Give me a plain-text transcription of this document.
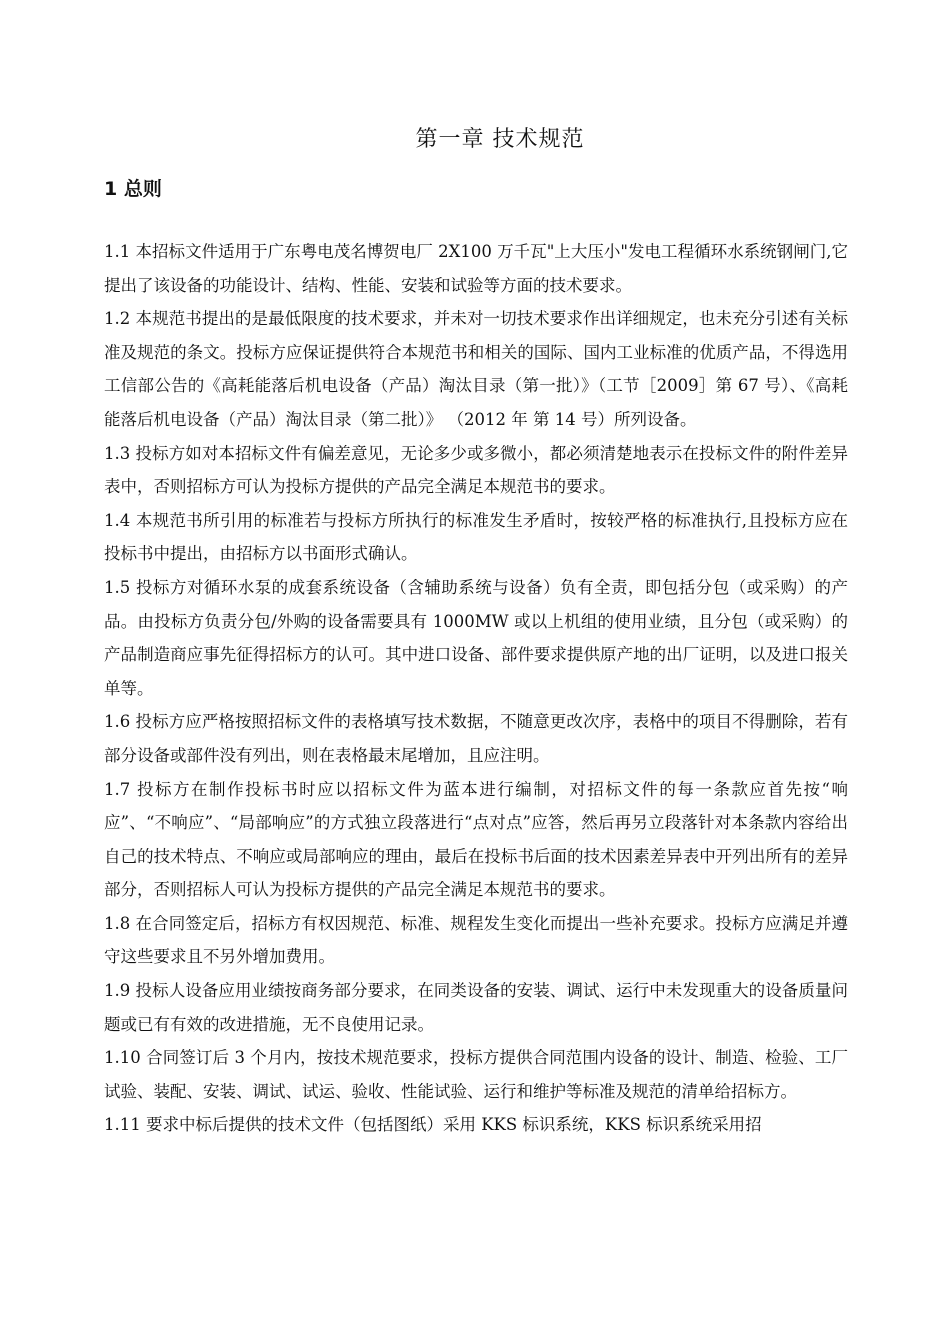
第一章 技术规范
1 总则

1.1 本招标文件适用于广东粤电茂名博贺电厂 2X100 万千瓦"上大压小"发电工程循环水系统钢闸门,它提出了该设备的功能设计、结构、性能、安装和试验等方面的技术要求。

1.2 本规范书提出的是最低限度的技术要求，并未对一切技术要求作出详细规定，也未充分引述有关标准及规范的条文。投标方应保证提供符合本规范书和相关的国际、国内工业标准的优质产品，不得选用工信部公告的《高耗能落后机电设备（产品）淘汰目录（第一批）》（工节［2009］第 67 号）、《高耗能落后机电设备（产品）淘汰目录（第二批）》 （2012 年 第 14 号）所列设备。

1.3 投标方如对本招标文件有偏差意见，无论多少或多微小，都必须清楚地表示在投标文件的附件差异表中，否则招标方可认为投标方提供的产品完全满足本规范书的要求。

1.4 本规范书所引用的标准若与投标方所执行的标准发生矛盾时，按较严格的标准执行,且投标方应在投标书中提出，由招标方以书面形式确认。

1.5 投标方对循环水泵的成套系统设备（含辅助系统与设备）负有全责，即包括分包（或采购）的产品。由投标方负责分包/外购的设备需要具有 1000MW 或以上机组的使用业绩，且分包（或采购）的产品制造商应事先征得招标方的认可。其中进口设备、部件要求提供原产地的出厂证明，以及进口报关单等。

1.6 投标方应严格按照招标文件的表格填写技术数据，不随意更改次序，表格中的项目不得删除，若有部分设备或部件没有列出，则在表格最末尾增加，且应注明。

1.7 投标方在制作投标书时应以招标文件为蓝本进行编制，对招标文件的每一条款应首先按“响应”、“不响应”、“局部响应”的方式独立段落进行“点对点”应答，然后再另立段落针对本条款内容给出自己的技术特点、不响应或局部响应的理由，最后在投标书后面的技术因素差异表中开列出所有的差异部分，否则招标人可认为投标方提供的产品完全满足本规范书的要求。

1.8 在合同签定后，招标方有权因规范、标准、规程发生变化而提出一些补充要求。投标方应满足并遵守这些要求且不另外增加费用。

1.9 投标人设备应用业绩按商务部分要求，在同类设备的安装、调试、运行中未发现重大的设备质量问题或已有有效的改进措施，无不良使用记录。

1.10 合同签订后 3 个月内，按技术规范要求，投标方提供合同范围内设备的设计、制造、检验、工厂试验、装配、安装、调试、试运、验收、性能试验、运行和维护等标准及规范的清单给招标方。

1.11 要求中标后提供的技术文件（包括图纸）采用 KKS 标识系统，KKS 标识系统采用招
